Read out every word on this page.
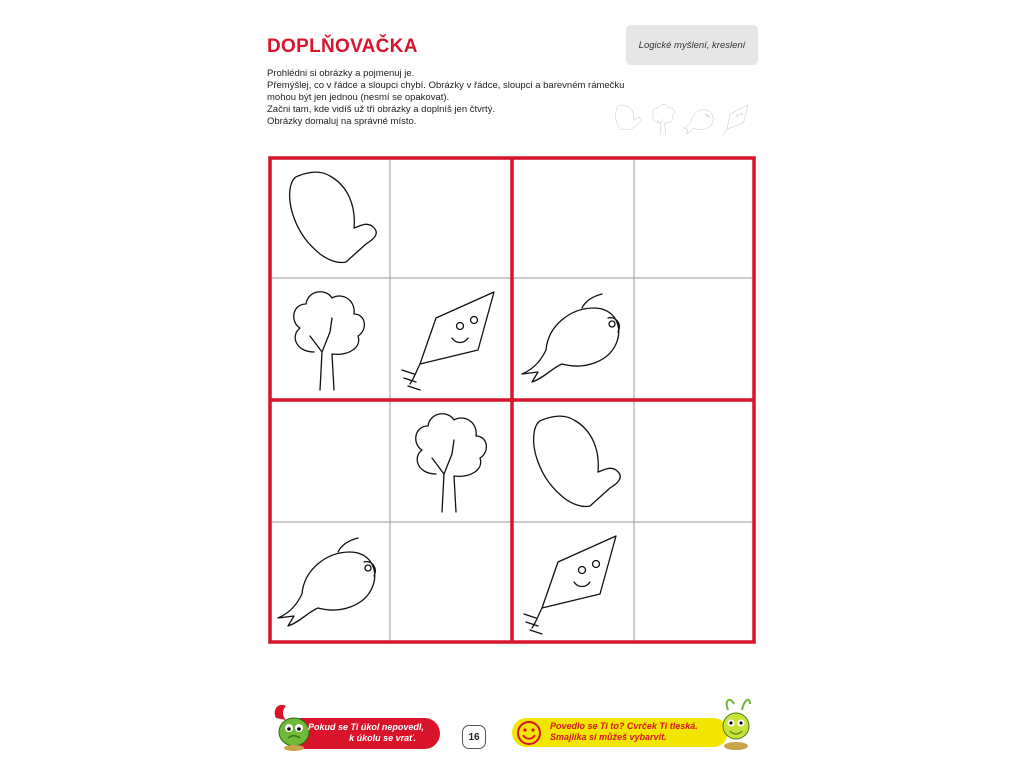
DOPLŇOVAČKA	Logické myšlení, kreslení
Prohlédni si obrázky a pojmenuj je.
Přemýšlej, co v řádce a sloupci chybí. Obrázky v řádce, sloupci a barevném rámečku
mohou být jen jednou (nesmí se opakovat).
Začni tam, kde vidíš už tři obrázky a doplníš jen čtvrtý.
Obrázky domaluj na správné místo.
Pokud se Ti úkol nepovedl,
k úkolu se vrať.	16
Povedlo se Ti to? Cvrček Ti tleská.
Smajlíka si můžeš vybarvit.
